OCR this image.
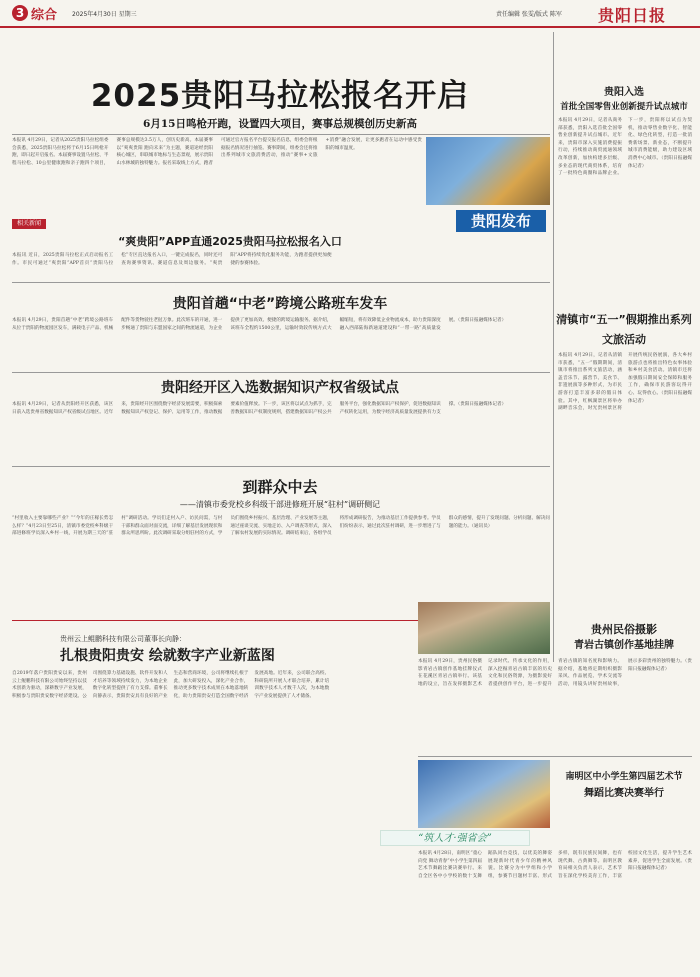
3 综合 2025年4月30日 星期三	责任编辑 张雯/版式 陈军 贵阳日报
2025贵阳马拉松报名开启
6月15日鸣枪开跑，设置四大项目，赛事总规模创历史新高
本报讯 4月29日，记者从2025贵阳马拉松组委会获悉，2025贵阳马拉松将于6月15日鸣枪开跑，即日起开启报名。本届赛事设置马拉松、半程马拉松、10公里健康跑和亲子跑四个项目，赛事总规模达3.5万人，创历史新高。本届赛事以“爽爽贵阳 跑向未来”为主题，赛道途经贵阳核心城区，串联城市地标与生态景观，展示贵阳山水林城的独特魅力。报名采取线上方式，跑者可通过官方报名平台提交报名信息，组委会将根据报名情况进行抽签。赛事期间，组委会还将推出系列城市文旅消费活动，推动“赛事+文旅+消费”融合发展，让更多跑者在运动中感受贵阳的城市温度。
贵阳发布
相关新闻
“爽贵阳”APP直通2025贵阳马拉松报名入口
本报讯 近日，2025贵阳马拉松正式启动报名工作。市民可通过“爽贵阳”APP首页“贵阳马拉松”专区直达报名入口，一键完成报名，同时还可查询赛事资讯、赛道信息及周边服务。“爽贵阳”APP将持续优化服务功能，为跑者提供更加便捷的参赛体验。
贵阳入选
首批全国零售业创新提升试点城市
本报讯 4月29日，记者从商务部获悉，贵阳入选首批全国零售业创新提升试点城市。近年来，贵阳市深入实施消费提振行动，持续推动商贸流通领域改革创新，加快构建多层级、多业态的现代商贸体系，培育了一批特色商圈和品牌企业。下一步，贵阳将以试点为契机，推动零售业数字化、智能化、绿色化转型，打造一批消费新场景、新业态，不断提升城市消费能级，助力建设区域消费中心城市。（贵阳日报融媒体记者）
贵阳首趟“中老”跨境公路班车发车
本报讯 4月29日，贵阳首趟“中老”跨境公路班车从位于贵阳的物流园区发车，满载电子产品、机械配件等货物驶往老挝万象。此次班车的开通，进一步畅通了贵阳与东盟国家之间的物流通道，为企业提供了更加高效、便捷的跨境运输服务。据介绍，该班车全程约1500公里，运输时效较传统方式大幅缩短，将有效降低企业物流成本，助力贵阳深度融入西部陆海新通道建设和“一带一路”高质量发展。（贵阳日报融媒体记者）	清镇市“五一”假期推出系列文旅活动
本报讯 4月29日，记者从清镇市获悉，“五一”假期期间，清镇市将推出系列文旅活动，涵盖音乐节、露营节、美食节、非遗展演等多种形式，为市民游客打造丰富多彩的假日体验。其中，红枫湖景区将举办湖畔音乐会，时光贵州景区将开展传统民俗展演，各大乡村旅游点也将推出特色农事体验和乡村美食活动。清镇市还将加强假日期间安全保障和服务工作，确保市民游客玩得开心、玩得放心。（贵阳日报融媒体记者）
贵阳经开区入选数据知识产权省级试点
本报讯 4月29日，记者从贵阳经开区获悉，该区日前入选贵州省数据知识产权省级试点地区。近年来，贵阳经开区围绕数字经济发展需要，积极探索数据知识产权登记、保护、运用等工作，推动数据要素价值释放。下一步，该区将以试点为抓手，完善数据知识产权制度规则，搭建数据知识产权公共服务平台，强化数据知识产权保护，促进数据知识产权转化运用，为数字经济高质量发展提供有力支撑。（贵阳日报融媒体记者）
到群众中去
——清镇市委党校乡科级干部进修班开展“驻村”调研侧记
“村里收入主要靠哪些产业？”“今年的庄稼长势怎么样？”4月23日至25日，清镇市委党校乡科级干部进修班学员深入乡村一线，开展为期三天的“驻村”调研活动。学员们走村入户、访民问需，与村干部和群众面对面交流，详细了解基层发展现状和群众所思所盼。此次调研采取分组驻村的方式，学员们围绕乡村振兴、基层治理、产业发展等主题，通过座谈交流、实地走访、入户调查等形式，深入了解农村发展的实际情况。调研结束后，各组学员将形成调研报告，为推动基层工作提供参考。学员们纷纷表示，通过此次驻村调研，进一步增进了与群众的感情，提升了发现问题、分析问题、解决问题的能力。（通讯员）
贵州民俗摄影
青岩古镇创作基地挂牌
本报讯 4月29日，贵州民俗摄影青岩古镇创作基地挂牌仪式在花溪区青岩古镇举行。该基地的设立，旨在发挥摄影艺术记录时代、传承文化的作用，深入挖掘青岩古镇丰富的历史文化和民俗资源，为摄影爱好者提供创作平台，进一步提升青岩古镇的知名度和影响力。据介绍，基地将定期组织摄影采风、作品展览、学术交流等活动，用镜头讲好贵州故事，展示多彩贵州的独特魅力。（贵阳日报融媒体记者）
贵州云上鲲鹏科技有限公司董事长向静：
扎根贵阳贵安 绘就数字产业新蓝图
自2019年落户贵阳贵安以来，贵州云上鲲鹏科技有限公司始终坚持以技术创新为驱动，深耕数字产业发展，积极参与贵阳贵安数字经济建设。公司围绕算力基础设施、软件开发和人才培养等领域持续发力，为本地企业数字化转型提供了有力支撑。董事长向静表示，贵阳贵安具有良好的产业生态和营商环境，公司将继续扎根于此，加大研发投入，深化产业合作，推动更多数字技术成果在本地落地转化，助力贵阳贵安打造全国数字经济发展高地。近年来，公司联合高校、科研院所开展人才联合培养，累计培训数字技术人才数千人次，为本地数字产业发展提供了人才储备。
“筑人才·强省会”
南明区中小学生第四届艺术节
舞蹈比赛决赛举行
本报讯 4月28日，南明区“童心向党 舞动青春”中小学生第四届艺术节舞蹈比赛决赛举行。来自全区各中小学校的数十支舞蹈队同台竞技，以优美的舞姿展现新时代青少年的精神风貌。比赛分为中学组和小学组，参赛节目题材丰富、形式多样，既有民族民间舞，也有现代舞、古典舞等。南明区教育局相关负责人表示，艺术节旨在深化学校美育工作，丰富校园文化生活，提升学生艺术素养，促进学生全面发展。（贵阳日报融媒体记者）
